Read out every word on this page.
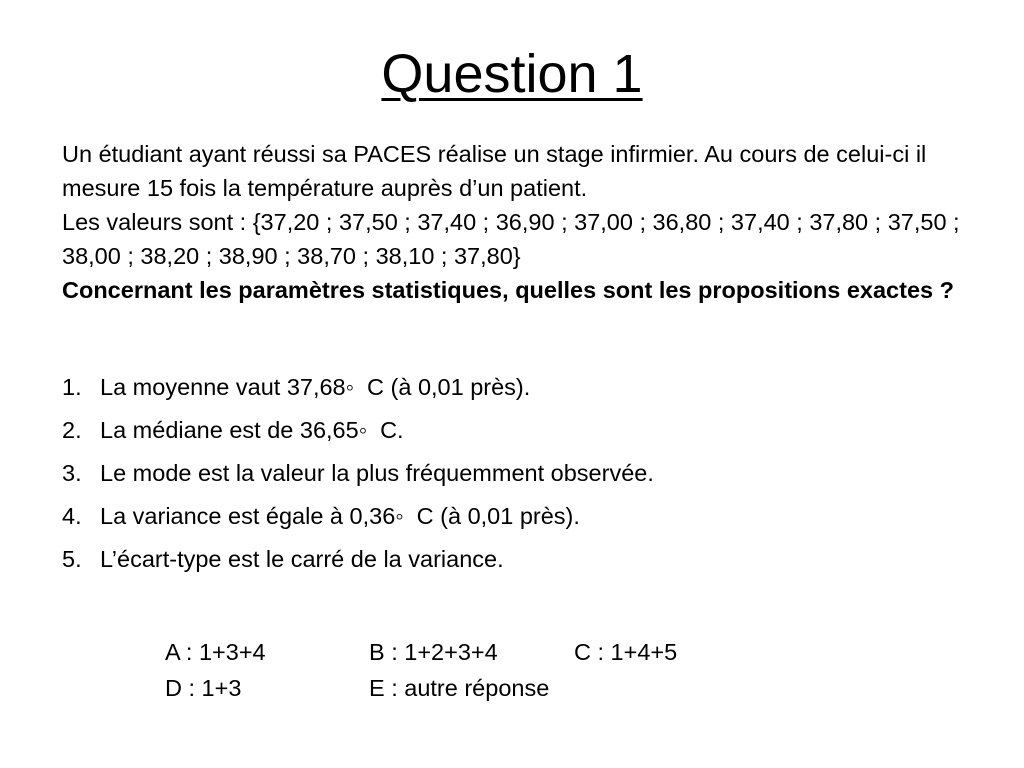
Question 1

Un étudiant ayant réussi sa PACES réalise un stage infirmier. Au cours de celui-ci il mesure 15 fois la température auprès d’un patient.

Les valeurs sont : {37,20 ; 37,50 ; 37,40 ; 36,90 ; 37,00 ; 36,80 ; 37,40 ; 37,80 ; 37,50 ; 38,00 ; 38,20 ; 38,90 ; 38,70 ; 38,10 ; 37,80}

Concernant les paramètres statistiques, quelles sont les propositions exactes ?

1. La moyenne vaut 37,68◦  C (à 0,01 près).
2. La médiane est de 36,65◦  C.
3. Le mode est la valeur la plus fréquemment observée.
4. La variance est égale à 0,36◦  C (à 0,01 près).
5. L’écart-type est le carré de la variance.
A : 1+3+4	B : 1+2+3+4	C : 1+4+5
D : 1+3	E : autre réponse
